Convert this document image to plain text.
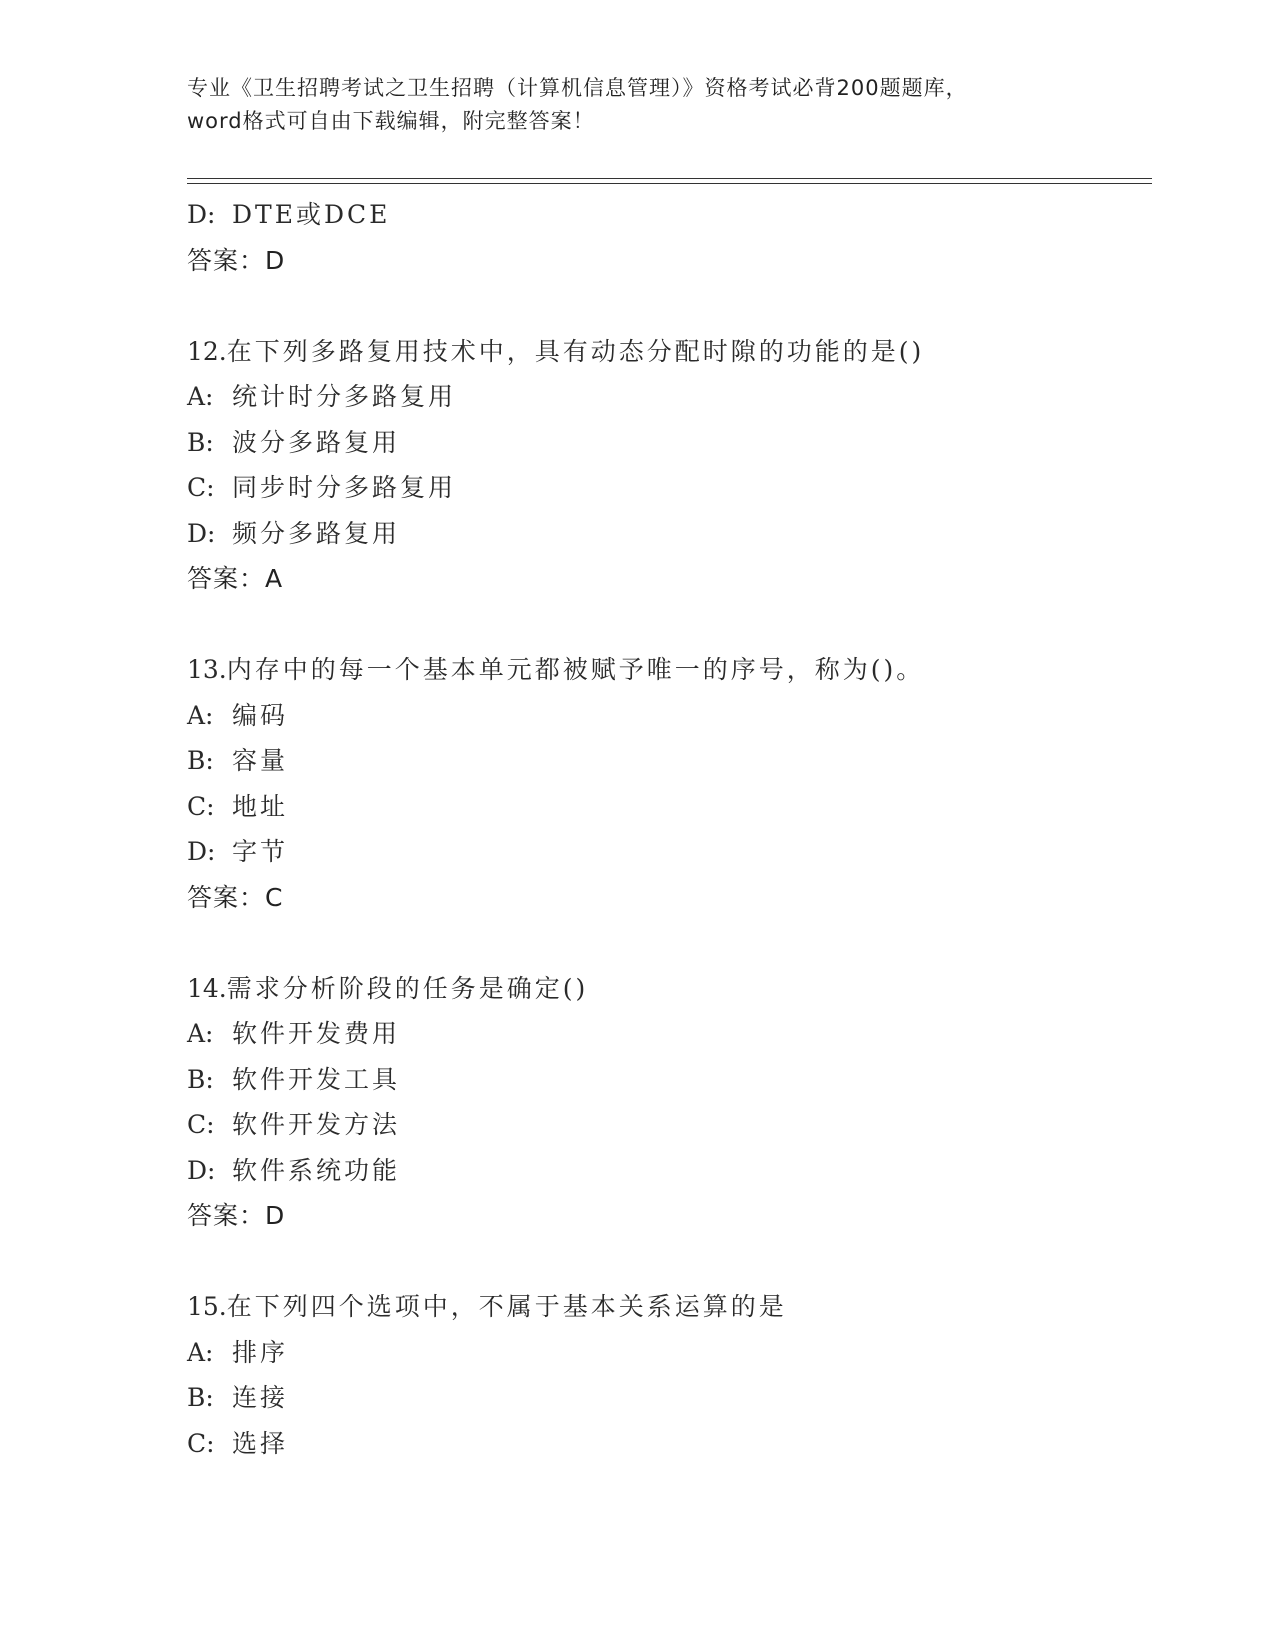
专业《卫生招聘考试之卫生招聘（计算机信息管理）》资格考试必背200题题库，
word格式可自由下载编辑，附完整答案！
D: DTE或DCE
答案：D
12.在下列多路复用技术中，具有动态分配时隙的功能的是()
A: 统计时分多路复用
B: 波分多路复用
C: 同步时分多路复用
D: 频分多路复用
答案：A
13.内存中的每一个基本单元都被赋予唯一的序号，称为()。
A: 编码
B: 容量
C: 地址
D: 字节
答案：C
14.需求分析阶段的任务是确定()
A: 软件开发费用
B: 软件开发工具
C: 软件开发方法
D: 软件系统功能
答案：D
15.在下列四个选项中，不属于基本关系运算的是
A: 排序
B: 连接
C: 选择
